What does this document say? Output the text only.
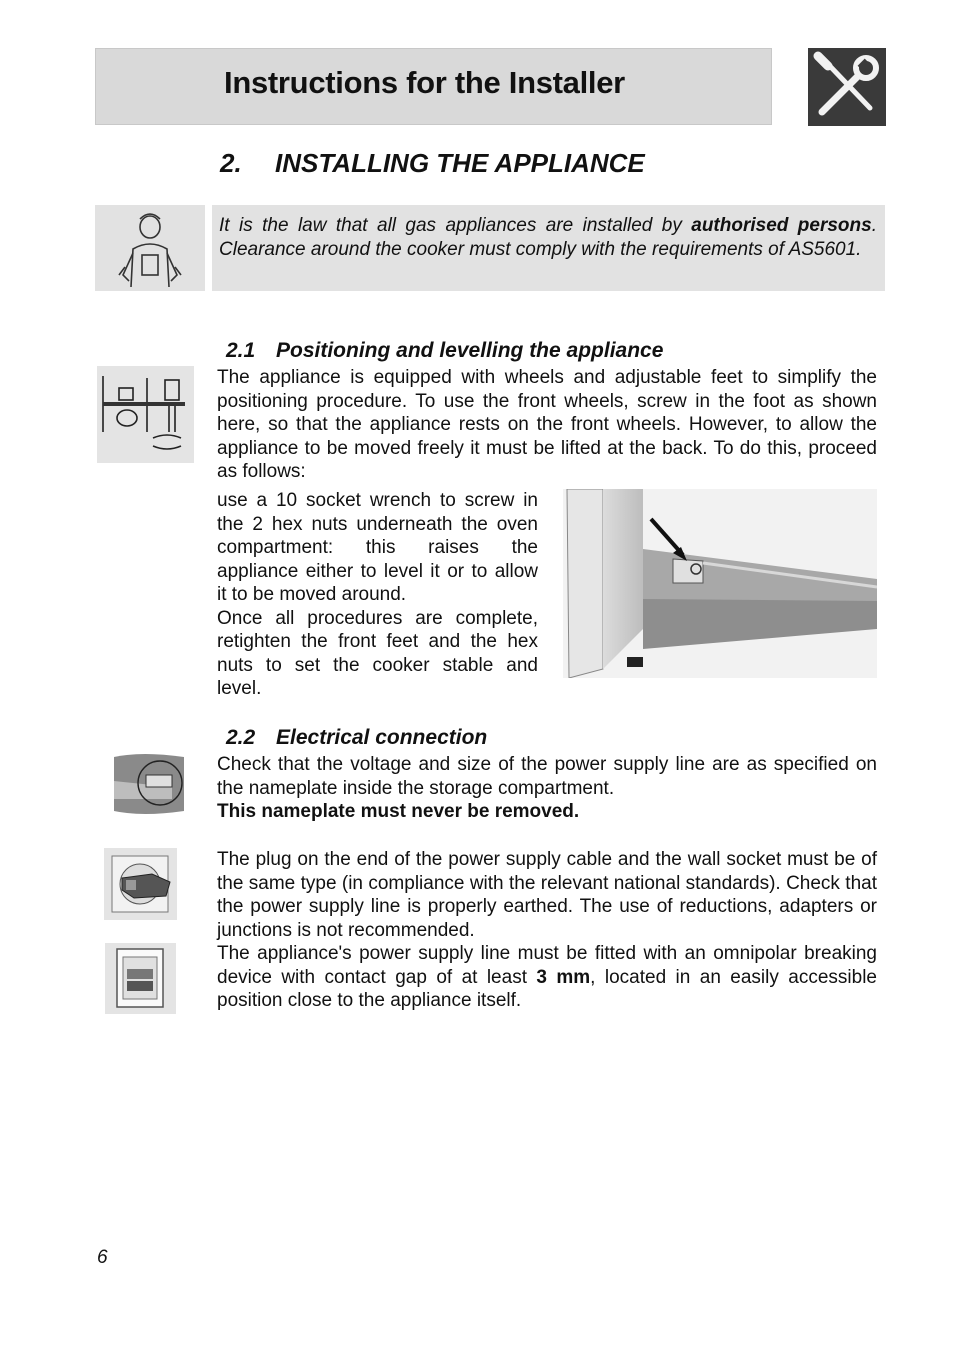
Instructions for the Installer
2. INSTALLING THE APPLIANCE
It is the law that all gas appliances are installed by authorised persons. Clearance around the cooker must comply with the requirements of AS5601.
2.1 Positioning and levelling the appliance
The appliance is equipped with wheels and adjustable feet to simplify the positioning procedure. To use the front wheels, screw in the foot as shown here, so that the appliance rests on the front wheels. However, to allow the appliance to be moved freely it must be lifted at the back. To do this, proceed as follows:
use a 10 socket wrench to screw in the 2 hex nuts underneath the oven compartment: this raises the appliance either to level it or to allow it to be moved around.
Once all procedures are complete, retighten the front feet and the hex nuts to set the cooker stable and level.
2.2 Electrical connection
Check that the voltage and size of the power supply line are as specified on the nameplate inside the storage compartment.
This nameplate must never be removed.
The plug on the end of the power supply cable and the wall socket must be of the same type (in compliance with the relevant national standards). Check that the power supply line is properly earthed. The use of reductions, adapters or junctions is not recommended.
The appliance's power supply line must be fitted with an omnipolar breaking device with contact gap of at least 3 mm, located in an easily accessible position close to the appliance itself.
6
